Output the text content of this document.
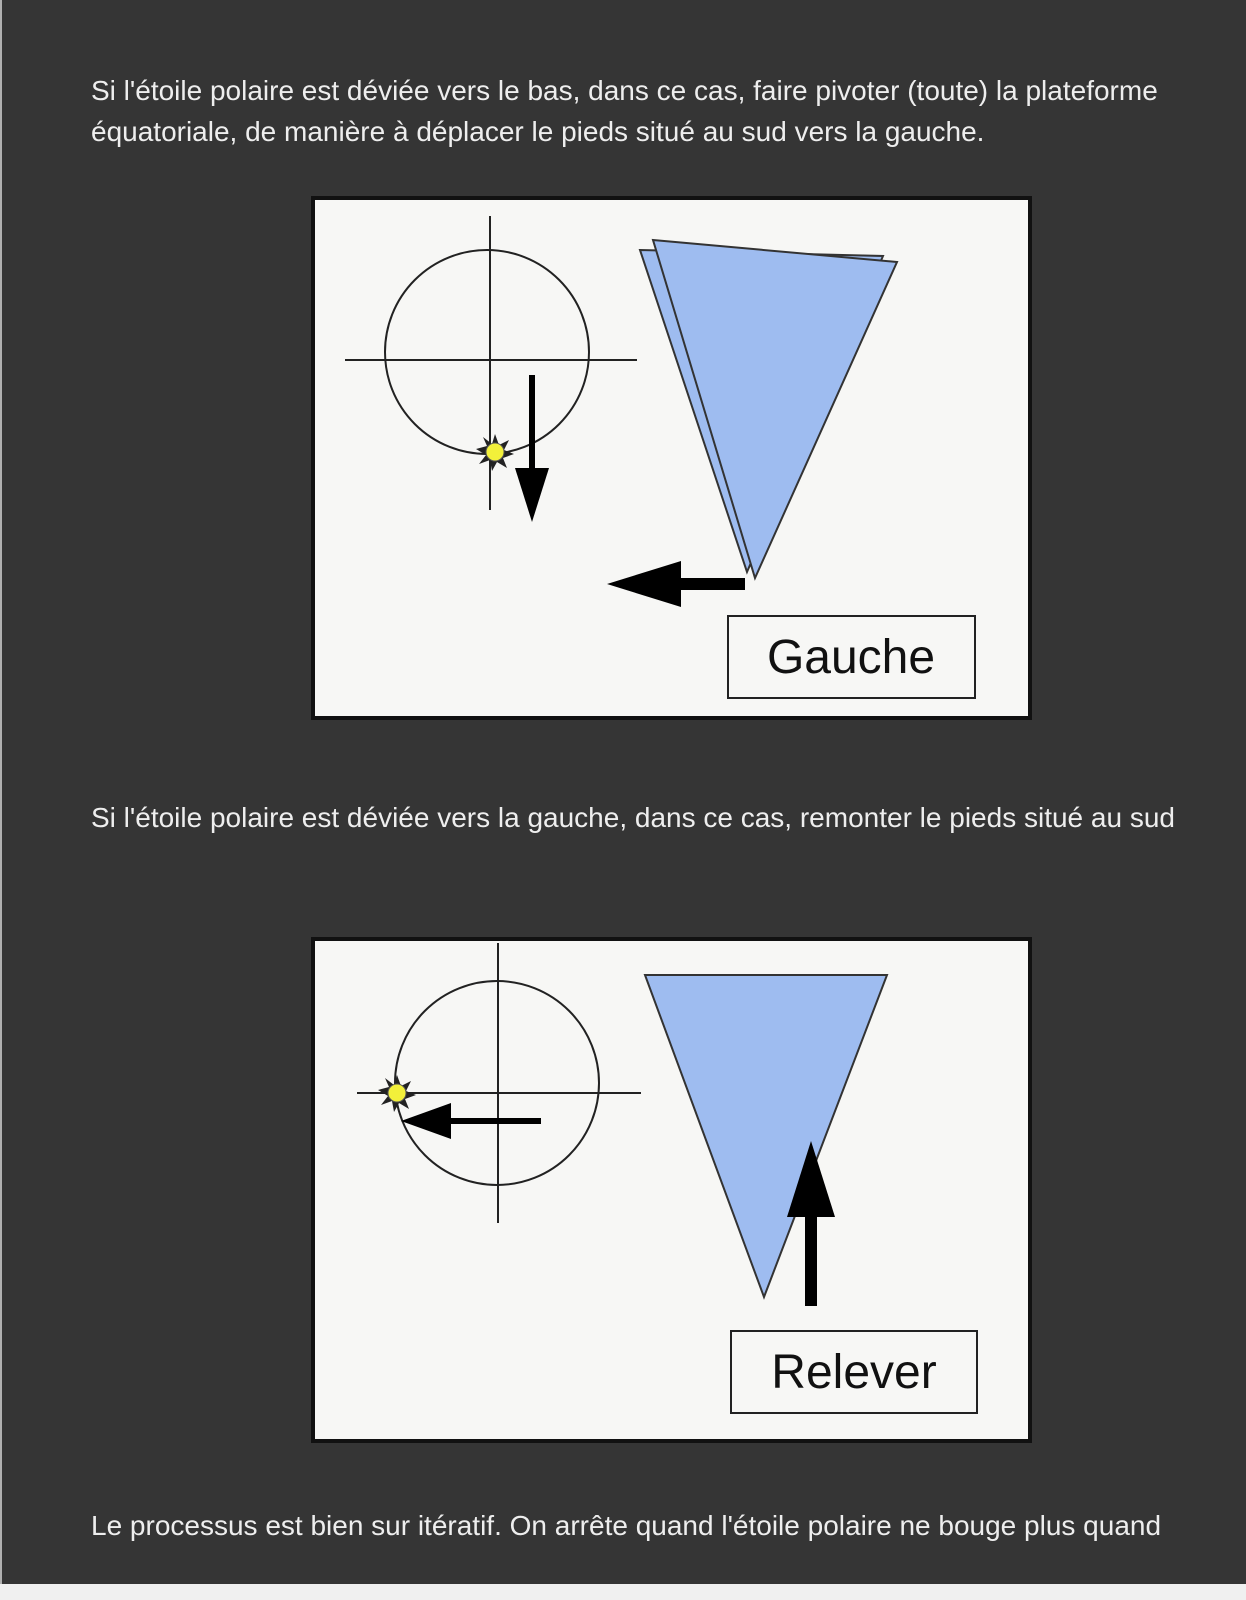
Si l'étoile polaire est déviée vers le bas, dans ce cas, faire pivoter (toute) la plateforme
équatoriale, de manière à déplacer le pieds situé au sud vers la gauche.
Gauche
Si l'étoile polaire est déviée vers la gauche, dans ce cas, remonter le pieds situé au sud
Relever
Le processus est bien sur itératif. On arrête quand l'étoile polaire ne bouge plus quand
